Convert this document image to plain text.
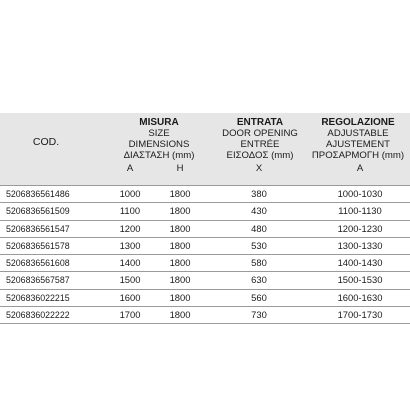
COD.
MISURA
SIZE
DIMENSIONS
ΔΙΑΣΤΑΣΗ (mm)
ENTRATA
DOOR OPENING
ENTRÉE
ΕΙΣΟΔΟΣ (mm)
REGOLAZIONE
ADJUSTABLE
AJUSTEMENT
ΠΡΟΣΑΡΜΟΓΗ (mm)
A	H	X	A
5206836561486	1000	1800	380	1000-1030
5206836561509	1100	1800	430	1100-1130
5206836561547	1200	1800	480	1200-1230
5206836561578	1300	1800	530	1300-1330
5206836561608	1400	1800	580	1400-1430
5206836567587	1500	1800	630	1500-1530
5206836022215	1600	1800	560	1600-1630
5206836022222	1700	1800	730	1700-1730
